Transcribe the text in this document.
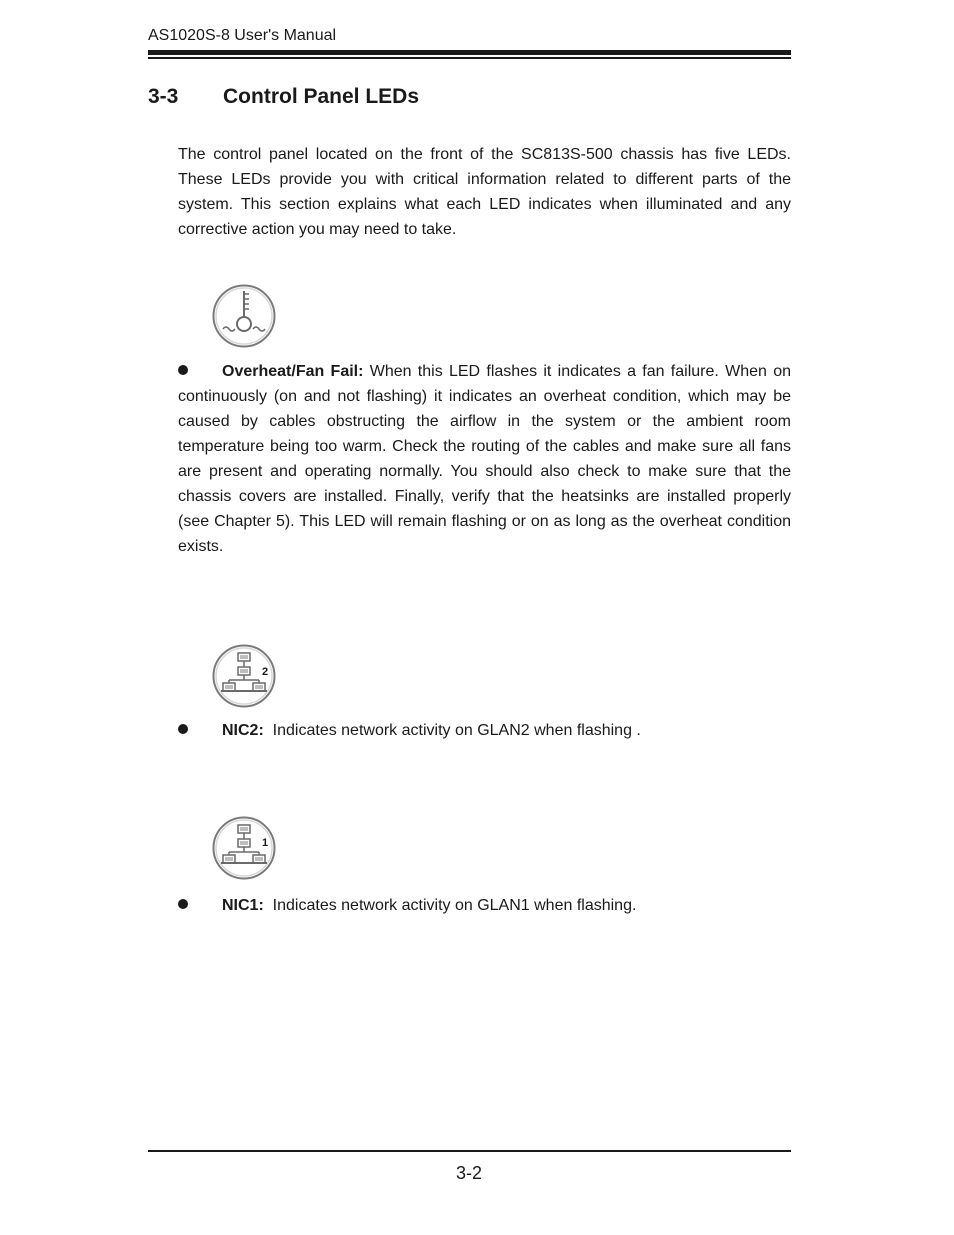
AS1020S-8 User's Manual
3-3 Control Panel LEDs
The control panel located on the front of the SC813S-500 chassis has five LEDs. These LEDs provide you with critical information related to different parts of the system. This section explains what each LED indicates when illuminated and any corrective action you may need to take.
Overheat/Fan Fail: When this LED flashes it indicates a fan failure. When on continuously (on and not flashing) it indicates an overheat condition, which may be caused by cables obstructing the airflow in the system or the ambient room temperature being too warm. Check the routing of the cables and make sure all fans are present and operating normally. You should also check to make sure that the chassis covers are installed. Finally, verify that the heatsinks are installed properly (see Chapter 5). This LED will remain flashing or on as long as the overheat condition exists.
2
NIC2:  Indicates network activity on GLAN2 when flashing .
1
NIC1:  Indicates network activity on GLAN1 when flashing.
3-2
